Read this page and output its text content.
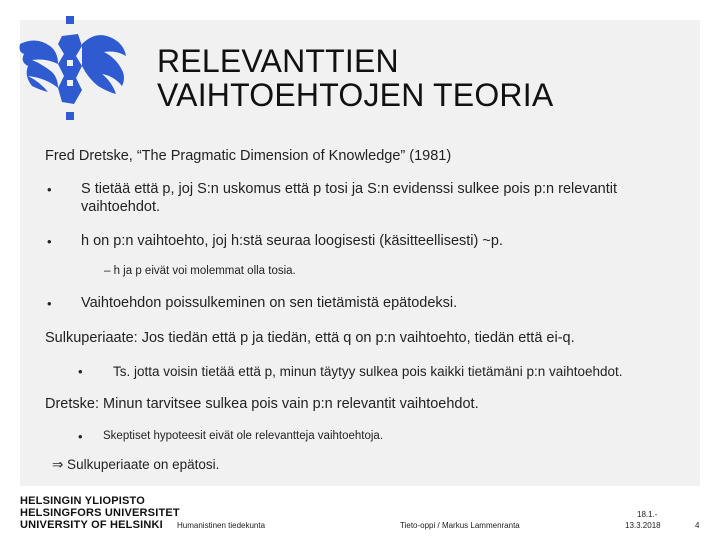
RELEVANTTIEN
VAIHTOEHTOJEN TEORIA
Fred Dretske, “The Pragmatic Dimension of Knowledge” (1981)
• S tietää että p, joj S:n uskomus että p tosi ja S:n evidenssi sulkee pois p:n relevantit
vaihtoehdot.
• h on p:n vaihtoehto, joj h:stä seuraa loogisesti (käsitteellisesti) ~p.
– h ja p eivät voi molemmat olla tosia.
• Vaihtoehdon poissulkeminen on sen tietämistä epätodeksi.
Sulkuperiaate: Jos tiedän että p ja tiedän, että q on p:n vaihtoehto, tiedän että ei-q.
• Ts. jotta voisin tietää että p, minun täytyy sulkea pois kaikki tietämäni p:n vaihtoehdot.
Dretske: Minun tarvitsee sulkea pois vain p:n relevantit vaihtoehdot.
• Skeptiset hypoteesit eivät ole relevantteja vaihtoehtoja.
⇒ Sulkuperiaate on epätosi.
HELSINGIN YLIOPISTO
HELSINGFORS UNIVERSITET
UNIVERSITY OF HELSINKI	Humanistinen tiedekunta	Tieto-oppi / Markus Lammenranta
18.1.-
13.3.2018	4
